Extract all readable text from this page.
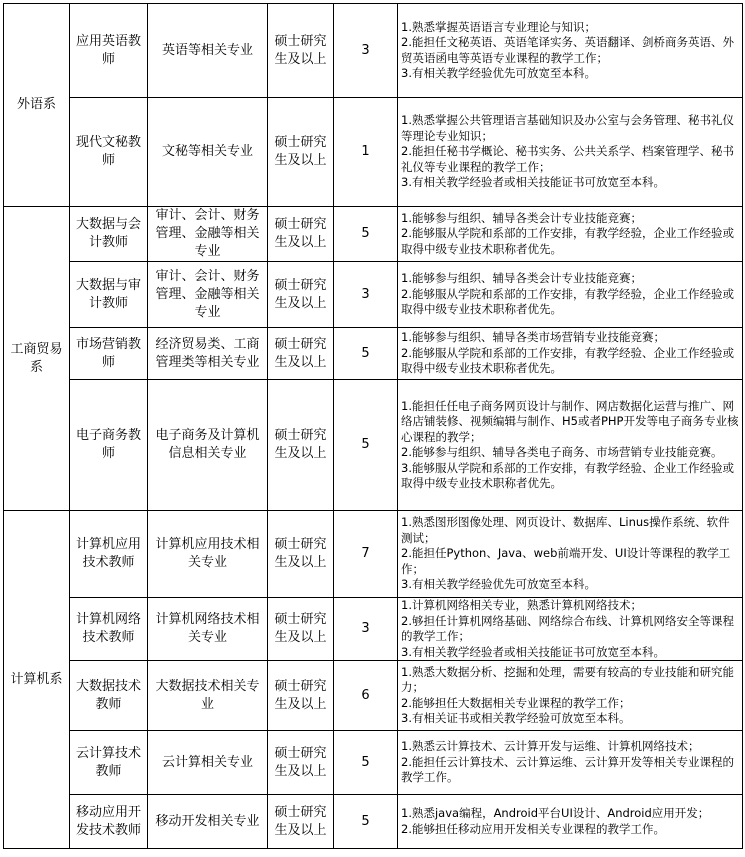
外语系	应用英语教师	英语等相关专业	硕士研究生及以上	3	1.熟悉掌握英语语言专业理论与知识；
2.能担任文秘英语、英语笔译实务、英语翻译、剑桥商务英语、外贸英语函电等英语专业课程的教学工作；
3.有相关教学经验优先可放宽至本科。

	现代文秘教师	文秘等相关专业	硕士研究生及以上	1	1.熟悉掌握公共管理语言基础知识及办公室与会务管理、秘书礼仪等理论专业知识；
2.能担任秘书学概论、秘书实务、公共关系学、档案管理学、秘书礼仪等专业课程的教学工作；
3.有相关教学经验者或相关技能证书可放宽至本科。

工商贸易系	大数据与会计教师	审计、会计、财务管理、金融等相关专业	硕士研究生及以上	5	1.能够参与组织、辅导各类会计专业技能竞赛；
2.能够服从学院和系部的工作安排，有教学经验，企业工作经验或取得中级专业技术职称者优先。

	大数据与审计教师	审计、会计、财务管理、金融等相关专业	硕士研究生及以上	3	1.能够参与组织、辅导各类会计专业技能竞赛；
2.能够服从学院和系部的工作安排，有教学经验，企业工作经验或取得中级专业技术职称者优先。

	市场营销教师	经济贸易类、工商管理类等相关专业	硕士研究生及以上	5	1.能够参与组织、辅导各类市场营销专业技能竞赛；
2.能够服从学院和系部的工作安排，有教学经验、企业工作经验或取得中级专业技术职称者优先。

	电子商务教师	电子商务及计算机信息相关专业	硕士研究生及以上	5	1.能担任任电子商务网页设计与制作、网店数据化运营与推广、网络店铺装修、视频编辑与制作、H5或者PHP开发等电子商务专业核心课程的教学；
2.能够参与组织、辅导各类电子商务、市场营销专业技能竞赛。
3.能够服从学院和系部的工作安排，有教学经验、企业工作经验或取得中级专业技术职称者优先。

计算机系	计算机应用技术教师	计算机应用技术相关专业	硕士研究生及以上	7	1.熟悉图形图像处理、网页设计、数据库、Linus操作系统、软件测试；
2.能担任Python、Java、web前端开发、UI设计等课程的教学工作；
3.有相关教学经验优先可放宽至本科。

	计算机网络技术教师	计算机网络技术相关专业	硕士研究生及以上	3	1.计算机网络相关专业，熟悉计算机网络技术；
2.够担任计算机网络基础、网络综合布线、计算机网络安全等课程的教学工作；
3.有相关教学经验者或相关技能证书可放宽至本科。

	大数据技术教师	大数据技术相关专业	硕士研究生及以上	6	1.熟悉大数据分析、挖掘和处理，需要有较高的专业技能和研究能力；
2.能够担任大数据相关专业课程的教学工作；
3.有相关证书或相关教学经验可放宽至本科。

	云计算技术教师	云计算相关专业	硕士研究生及以上	5	1.熟悉云计算技术、云计算开发与运维、计算机网络技术；
2.能担任云计算技术、云计算运维、云计算开发等相关专业课程的教学工作。

	移动应用开发技术教师	移动开发相关专业	硕士研究生及以上	5	1.熟悉java编程，Android平台UI设计、Android应用开发；
2.能够担任移动应用开发相关专业课程的教学工作。
